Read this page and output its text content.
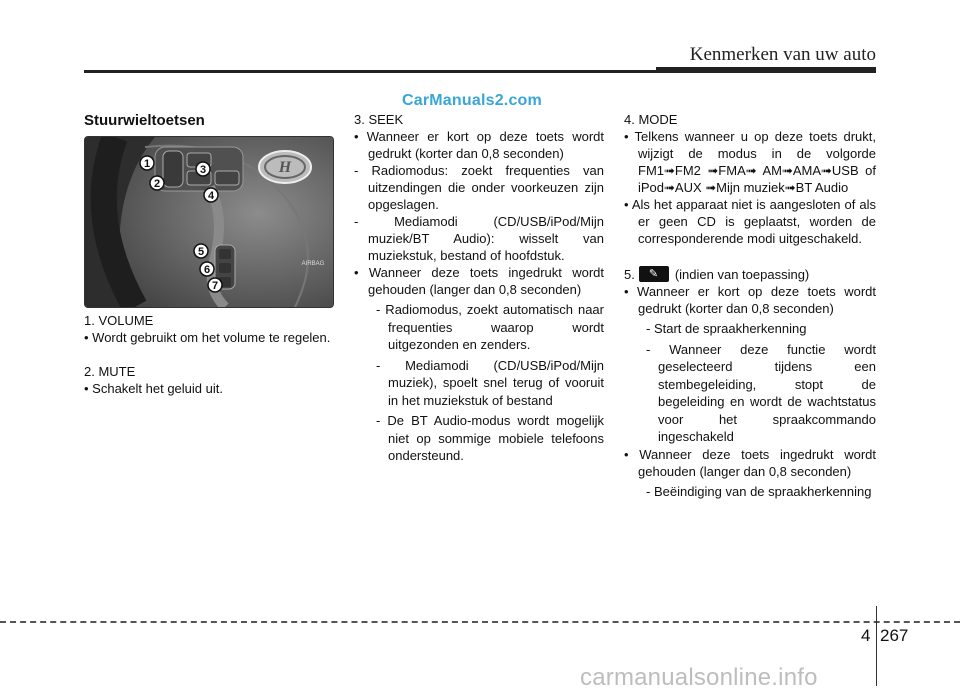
Kenmerken van uw auto
CarManuals2.com
Stuurwieltoetsen
H
AIRBAG
1	3
2
4
5
6
7

1. VOLUME

• Wordt gebruikt om het volume te regelen.

2. MUTE

• Schakelt het geluid uit.

3. SEEK

• Wanneer er kort op deze toets wordt gedrukt (korter dan 0,8 seconden)

- Radiomodus: zoekt frequenties van uitzendingen die onder voorkeuzen zijn opgeslagen.

- Mediamodi (CD/USB/iPod/Mijn muziek/BT Audio): wisselt van muziekstuk, bestand of hoofdstuk.

• Wanneer deze toets ingedrukt wordt gehouden (langer dan 0,8 seconden)

- Radiomodus, zoekt automatisch naar frequenties waarop wordt uitgezonden en zenders.

- Mediamodi (CD/USB/iPod/Mijn muziek), spoelt snel terug of vooruit in het muziekstuk of bestand

- De BT Audio-modus wordt mogelijk niet op sommige mobiele telefoons ondersteund.

4. MODE

• Telkens wanneer u op deze toets drukt, wijzigt de modus in de volgorde FM1➟FM2 ➟FMA➟ AM➟AMA➟USB of iPod➟AUX ➟Mijn muziek➟BT Audio

• Als het apparaat niet is aangesloten of als er geen CD is geplaatst, worden de corresponderende modi uitgeschakeld.

5. ✎ (indien van toepassing)

• Wanneer er kort op deze toets wordt gedrukt (korter dan 0,8 seconden)

- Start de spraakherkenning

- Wanneer deze functie wordt geselecteerd tijdens een stembegeleiding, stopt de begeleiding en wordt de wachtstatus voor het spraakcommando ingeschakeld

• Wanneer deze toets ingedrukt wordt gehouden (langer dan 0,8 seconden)

- Beëindiging van de spraakherkenning

4 267
carmanualsonline.info
